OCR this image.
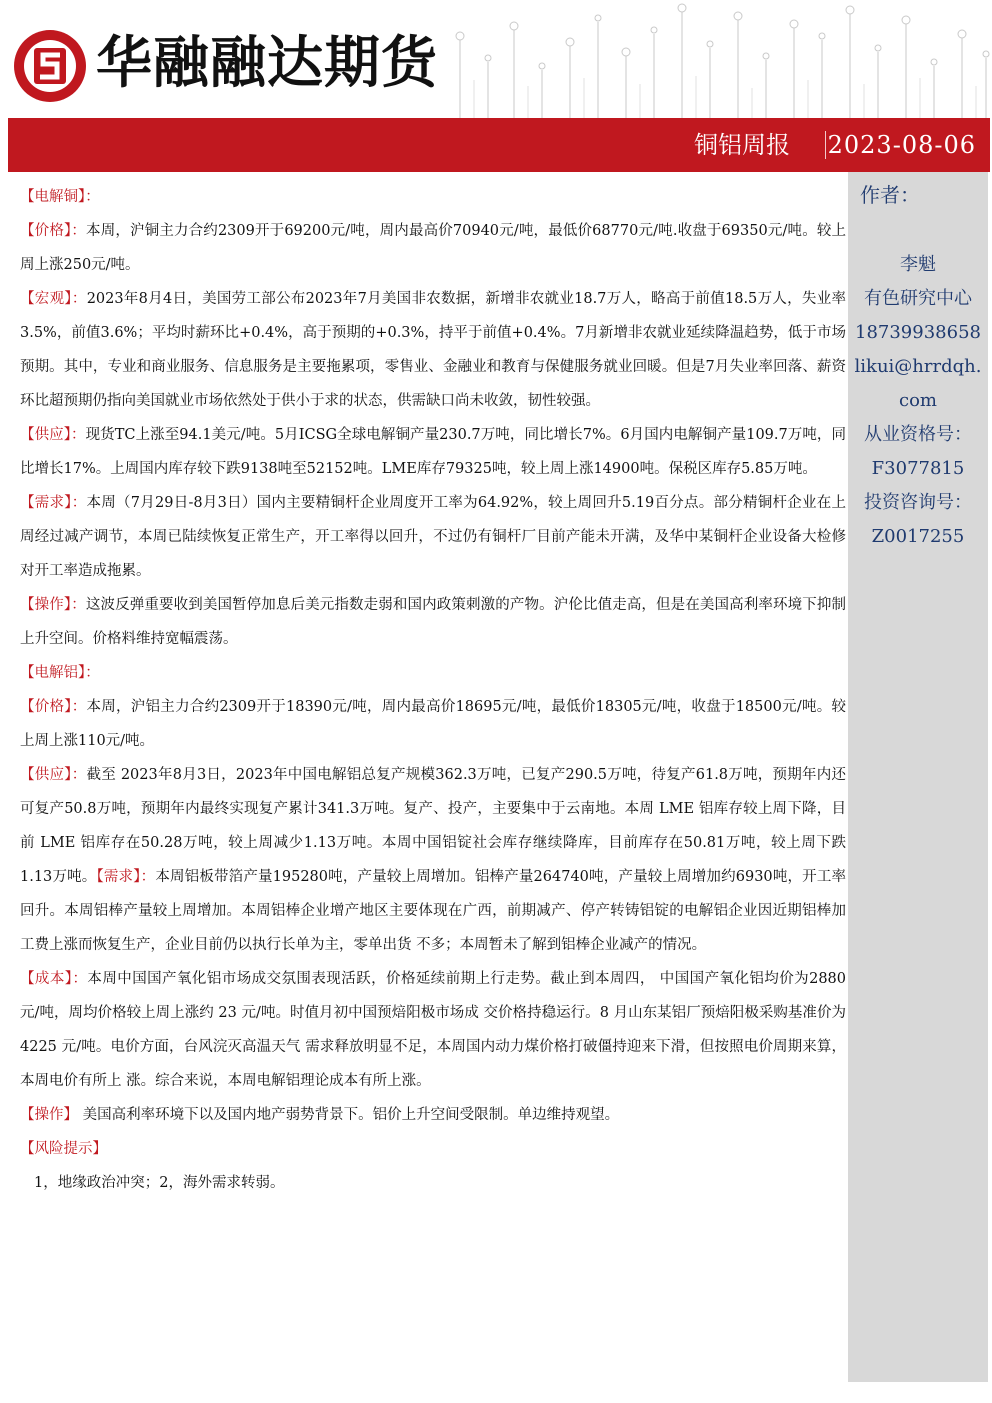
华融融达期货
铜铝周报 2023-08-06

【电解铜】：

【价格】：本周，沪铜主力合约2309开于69200元/吨，周内最高价70940元/吨，最低价68770元/吨.收盘于69350元/吨。较上周上涨250元/吨。

【宏观】：2023年8月4日，美国劳工部公布2023年7月美国非农数据，新增非农就业18.7万人，略高于前值18.5万人，失业率3.5%，前值3.6%；平均时薪环比+0.4%，高于预期的+0.3%，持平于前值+0.4%。7月新增非农就业延续降温趋势，低于市场预期。其中，专业和商业服务、信息服务是主要拖累项，零售业、金融业和教育与保健服务就业回暖。但是7月失业率回落、薪资环比超预期仍指向美国就业市场依然处于供小于求的状态，供需缺口尚未收敛，韧性较强。

【供应】：现货TC上涨至94.1美元/吨。5月ICSG全球电解铜产量230.7万吨，同比增长7%。6月国内电解铜产量109.7万吨，同比增长17%。上周国内库存较下跌9138吨至52152吨。LME库存79325吨，较上周上涨14900吨。保税区库存5.85万吨。

【需求】：本周（7月29日-8月3日）国内主要精铜杆企业周度开工率为64.92%，较上周回升5.19百分点。部分精铜杆企业在上周经过减产调节，本周已陆续恢复正常生产，开工率得以回升，不过仍有铜杆厂目前产能未开满，及华中某铜杆企业设备大检修对开工率造成拖累。

【操作】：这波反弹重要收到美国暂停加息后美元指数走弱和国内政策刺激的产物。沪伦比值走高，但是在美国高利率环境下抑制上升空间。价格料维持宽幅震荡。

【电解铝】：

【价格】：本周，沪铝主力合约2309开于18390元/吨，周内最高价18695元/吨，最低价18305元/吨，收盘于18500元/吨。较上周上涨110元/吨。

【供应】：截至 2023年8月3日，2023年中国电解铝总复产规模362.3万吨，已复产290.5万吨，待复产61.8万吨，预期年内还可复产50.8万吨，预期年内最终实现复产累计341.3万吨。复产、投产，主要集中于云南地。本周 LME 铝库存较上周下降，目前 LME 铝库存在50.28万吨，较上周减少1.13万吨。本周中国铝锭社会库存继续降库，目前库存在50.81万吨，较上周下跌1.13万吨。【需求】：本周铝板带箔产量195280吨，产量较上周增加。铝棒产量264740吨，产量较上周增加约6930吨，开工率回升。本周铝棒产量较上周增加。本周铝棒企业增产地区主要体现在广西，前期减产、停产转铸铝锭的电解铝企业因近期铝棒加工费上涨而恢复生产，企业目前仍以执行长单为主，零单出货 不多；本周暂未了解到铝棒企业减产的情况。

【成本】：本周中国国产氧化铝市场成交氛围表现活跃，价格延续前期上行走势。截止到本周四， 中国国产氧化铝均价为2880 元/吨，周均价格较上周上涨约 23 元/吨。时值月初中国预焙阳极市场成 交价格持稳运行。8 月山东某铝厂预焙阳极采购基准价为 4225 元/吨。电价方面，台风浣灭高温天气 需求释放明显不足，本周国内动力煤价格打破僵持迎来下滑，但按照电价周期来算，本周电价有所上 涨。综合来说，本周电解铝理论成本有所上涨。

【操作】 美国高利率环境下以及国内地产弱势背景下。铝价上升空间受限制。单边维持观望。

【风险提示】

1，地缘政治冲突；2，海外需求转弱。

作者：
李魁
有色研究中心
18739938658
likui@hrrdqh.com
从业资格号：
F3077815
投资咨询号：
Z0017255
